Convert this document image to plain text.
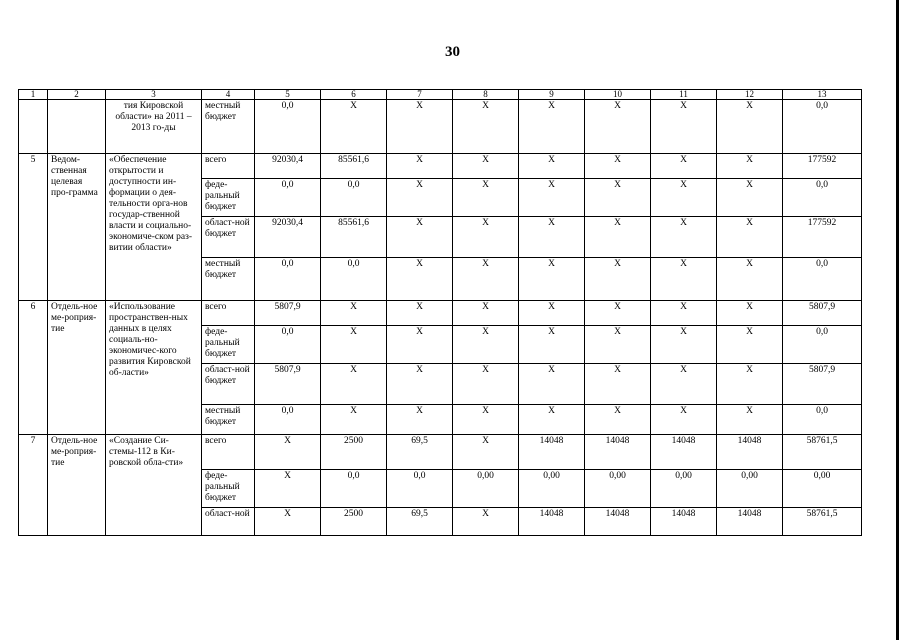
30
1	2	3	4	5	6	7	8	9	10	11	12	13
		тия Кировской области» на 2011 – 2013 го-ды	местный бюджет	0,0	X	X	X	X	X	X	X	0,0
5	Ведом-ственная целевая про-грамма	«Обеспечение открытости и доступности ин-формации о дея-тельности орга-нов государ-ственной власти и социально-экономиче-ском раз-витии области»	всего	92030,4	85561,6	X	X	X	X	X	X	177592
			феде-ральный бюджет	0,0	0,0	X	X	X	X	X	X	0,0
			област-ной бюджет	92030,4	85561,6	X	X	X	X	X	X	177592
			местный бюджет	0,0	0,0	X	X	X	X	X	X	0,0
6	Отдель-ное ме-роприя-тие	«Использование пространствен-ных данных в целях социаль-но-экономичес-кого развития Кировской об-ласти»	всего	5807,9	X	X	X	X	X	X	X	5807,9
			феде-ральный бюджет	0,0	X	X	X	X	X	X	X	0,0
			област-ной бюджет	5807,9	X	X	X	X	X	X	X	5807,9
			местный бюджет	0,0	X	X	X	X	X	X	X	0,0
7	Отдель-ное ме-роприя-тие	«Создание Си-стемы-112 в Ки-ровской обла-сти»	всего	X	2500	69,5	X	14048	14048	14048	14048	58761,5
			феде-ральный бюджет	X	0,0	0,0	0,00	0,00	0,00	0,00	0,00	0,00
			област-ной	X	2500	69,5	X	14048	14048	14048	14048	58761,5
